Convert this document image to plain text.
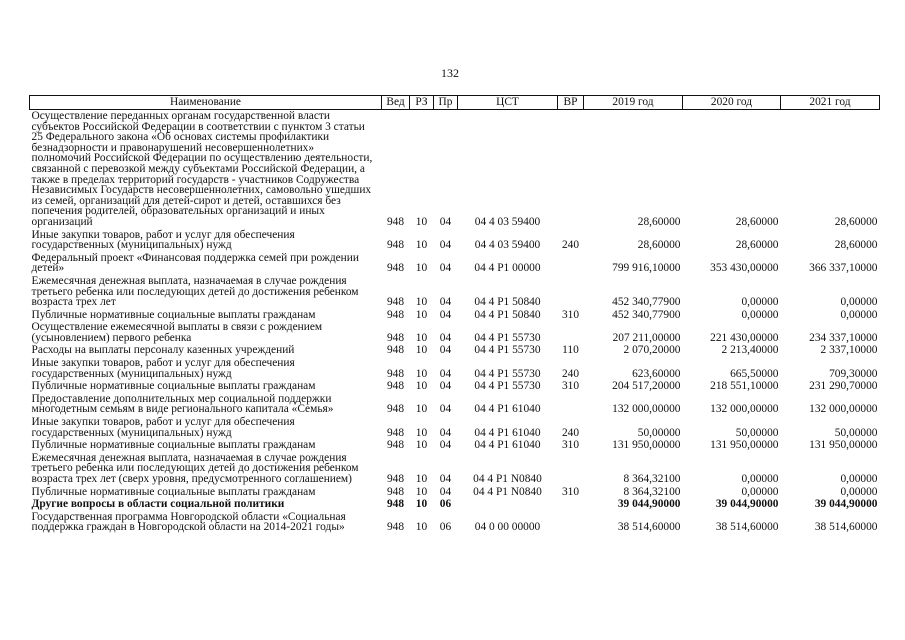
132
Наименование	Вед	РЗ	Пр	ЦСТ	ВР	2019 год	2020 год	2021 год
Осуществление переданных органам государственной власти субъектов Российской Федерации в соответствии с пунктом 3 статьи 25 Федерального закона «Об основах системы профилактики безнадзорности и правонарушений несовершеннолетних» полномочий Российской Федерации по осуществлению деятельности, связанной с перевозкой между субъектами Российской Федерации, а также в пределах территорий государств - участников Содружества Независимых Государств несовершеннолетних, самовольно ушедших из семей, организаций для детей-сирот и детей, оставшихся без попечения родителей, образовательных организаций и иных организаций	948	10	04	04 4 03 59400		28,60000	28,60000	28,60000
Иные закупки товаров, работ и услуг для обеспечения государственных (муниципальных) нужд	948	10	04	04 4 03 59400	240	28,60000	28,60000	28,60000
Федеральный проект «Финансовая поддержка семей при рождении детей»	948	10	04	04 4 P1 00000		799 916,10000	353 430,00000	366 337,10000
Ежемесячная денежная выплата, назначаемая в случае рождения третьего ребенка или последующих детей до достижения ребенком возраста трех лет	948	10	04	04 4 P1 50840		452 340,77900	0,00000	0,00000
Публичные нормативные социальные выплаты гражданам	948	10	04	04 4 P1 50840	310	452 340,77900	0,00000	0,00000
Осуществление ежемесячной выплаты в связи с рождением (усыновлением) первого ребенка	948	10	04	04 4 P1 55730		207 211,00000	221 430,00000	234 337,10000
Расходы на выплаты персоналу казенных учреждений	948	10	04	04 4 P1 55730	110	2 070,20000	2 213,40000	2 337,10000
Иные закупки товаров, работ и услуг для обеспечения государственных (муниципальных) нужд	948	10	04	04 4 P1 55730	240	623,60000	665,50000	709,30000
Публичные нормативные социальные выплаты гражданам	948	10	04	04 4 P1 55730	310	204 517,20000	218 551,10000	231 290,70000
Предоставление дополнительных мер социальной поддержки многодетным семьям в виде регионального капитала «Семья»	948	10	04	04 4 P1 61040		132 000,00000	132 000,00000	132 000,00000
Иные закупки товаров, работ и услуг для обеспечения государственных (муниципальных) нужд	948	10	04	04 4 P1 61040	240	50,00000	50,00000	50,00000
Публичные нормативные социальные выплаты гражданам	948	10	04	04 4 P1 61040	310	131 950,00000	131 950,00000	131 950,00000
Ежемесячная денежная выплата, назначаемая в случае рождения третьего ребенка или последующих детей до достижения ребенком возраста трех лет (сверх уровня, предусмотренного соглашением)	948	10	04	04 4 P1 N0840		8 364,32100	0,00000	0,00000
Публичные нормативные социальные выплаты гражданам	948	10	04	04 4 P1 N0840	310	8 364,32100	0,00000	0,00000
Другие вопросы в области социальной политики	948	10	06			39 044,90000	39 044,90000	39 044,90000
Государственная программа Новгородской области «Социальная поддержка граждан в Новгородской области на 2014-2021 годы»	948	10	06	04 0 00 00000		38 514,60000	38 514,60000	38 514,60000
